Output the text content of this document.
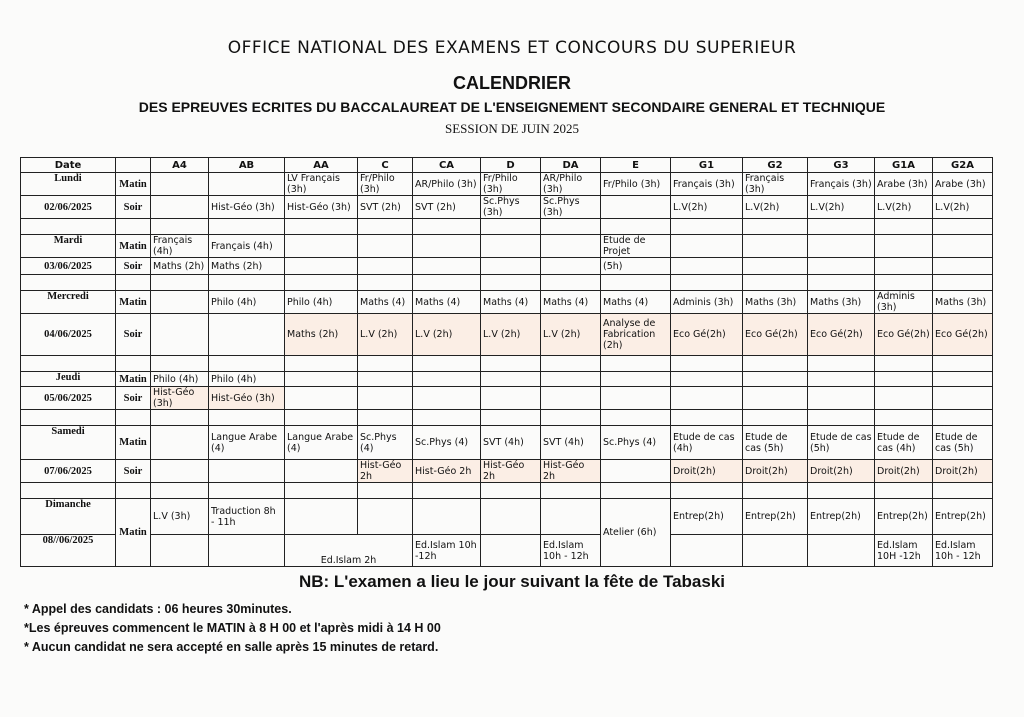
OFFICE NATIONAL DES EXAMENS ET CONCOURS DU SUPERIEUR
CALENDRIER
DES EPREUVES ECRITES DU BACCALAUREAT DE L'ENSEIGNEMENT SECONDAIRE GENERAL ET TECHNIQUE
SESSION DE JUIN 2025
Date		A4	AB	AA	C	CA	D	DA	E	G1	G2	G3	G1A	G2A
Lundi	Matin			LV Français (3h)	Fr/Philo (3h)	AR/Philo (3h)	Fr/Philo (3h)	AR/Philo (3h)	Fr/Philo (3h)	Français (3h)	Français (3h)	Français (3h)	Arabe (3h)	Arabe (3h)
02/06/2025	Soir		Hist-Géo (3h)	Hist-Géo (3h)	SVT (2h)	SVT (2h)	Sc.Phys (3h)	Sc.Phys (3h)		L.V(2h)	L.V(2h)	L.V(2h)	L.V(2h)	L.V(2h)

Mardi	Matin	Français (4h)	Français (4h)						Etude de Projet					
03/06/2025	Soir	Maths (2h)	Maths (2h)						(5h)					

Mercredi	Matin		Philo (4h)	Philo (4h)	Maths (4)	Maths (4)	Maths (4)	Maths (4)	Maths (4)	Adminis (3h)	Maths (3h)	Maths (3h)	Adminis (3h)	Maths (3h)
04/06/2025	Soir			Maths (2h)	L.V (2h)	L.V (2h)	L.V (2h)	L.V (2h)	Analyse de Fabrication (2h)	Eco Gé(2h)	Eco Gé(2h)	Eco Gé(2h)	Eco Gé(2h)	Eco Gé(2h)

Jeudi	Matin	Philo (4h)	Philo (4h)											
05/06/2025	Soir	Hist-Géo (3h)	Hist-Géo (3h)											

Samedi	Matin		Langue Arabe (4)	Langue Arabe (4)	Sc.Phys (4)	Sc.Phys (4)	SVT (4h)	SVT (4h)	Sc.Phys (4)	Etude de cas (4h)	Etude de cas (5h)	Etude de cas (5h)	Etude de cas (4h)	Etude de cas (5h)
07/06/2025	Soir				Hist-Géo 2h	Hist-Géo 2h	Hist-Géo 2h	Hist-Géo 2h		Droit(2h)	Droit(2h)	Droit(2h)	Droit(2h)	Droit(2h)

Dimanche	Matin	L.V (3h)	Traduction 8h - 11h						Atelier (6h)	Entrep(2h)	Entrep(2h)	Entrep(2h)	Entrep(2h)	Entrep(2h)
08//06/2025				Ed.Islam 2h		Ed.Islam 10h -12h		Ed.Islam 10h - 12h					Ed.Islam 10H -12h	Ed.Islam 10h - 12h
NB: L'examen a lieu le jour suivant la fête de Tabaski
* Appel des candidats : 06 heures 30minutes.
*Les épreuves commencent le MATIN à 8 H 00 et l'après midi à 14 H 00
* Aucun candidat ne sera accepté en salle après 15 minutes de retard.
